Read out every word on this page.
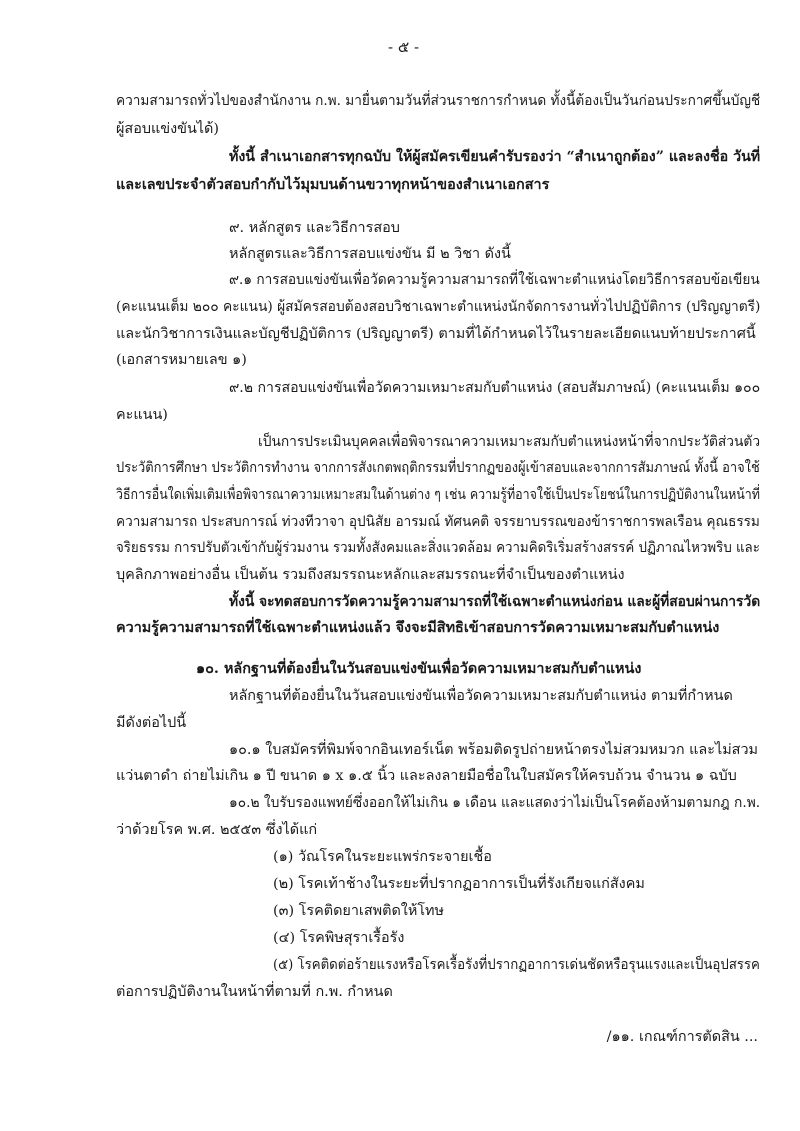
- ๕ -
ความสามารถทั่วไปของสำนักงาน ก.พ. มายื่นตามวันที่ส่วนราชการกำหนด ทั้งนี้ต้องเป็นวันก่อนประกาศขึ้นบัญชี
ผู้สอบแข่งขันได้)
ทั้งนี้ สำเนาเอกสารทุกฉบับ ให้ผู้สมัครเขียนคำรับรองว่า “สำเนาถูกต้อง” และลงชื่อ วันที่
และเลขประจำตัวสอบกำกับไว้มุมบนด้านขวาทุกหน้าของสำเนาเอกสาร
๙. หลักสูตร และวิธีการสอบ
หลักสูตรและวิธีการสอบแข่งขัน มี ๒ วิชา ดังนี้
๙.๑ การสอบแข่งขันเพื่อวัดความรู้ความสามารถที่ใช้เฉพาะตำแหน่งโดยวิธีการสอบข้อเขียน
(คะแนนเต็ม ๒๐๐ คะแนน) ผู้สมัครสอบต้องสอบวิชาเฉพาะตำแหน่งนักจัดการงานทั่วไปปฏิบัติการ (ปริญญาตรี)
และนักวิชาการเงินและบัญชีปฏิบัติการ (ปริญญาตรี) ตามที่ได้กำหนดไว้ในรายละเอียดแนบท้ายประกาศนี้
(เอกสารหมายเลข ๑)
๙.๒ การสอบแข่งขันเพื่อวัดความเหมาะสมกับตำแหน่ง (สอบสัมภาษณ์) (คะแนนเต็ม ๑๐๐
คะแนน)
เป็นการประเมินบุคคลเพื่อพิจารณาความเหมาะสมกับตำแหน่งหน้าที่จากประวัติส่วนตัว
ประวัติการศึกษา ประวัติการทำงาน จากการสังเกตพฤติกรรมที่ปรากฏของผู้เข้าสอบและจากการสัมภาษณ์ ทั้งนี้ อาจใช้
วิธีการอื่นใดเพิ่มเติมเพื่อพิจารณาความเหมาะสมในด้านต่าง ๆ เช่น ความรู้ที่อาจใช้เป็นประโยชน์ในการปฏิบัติงานในหน้าที่
ความสามารถ ประสบการณ์ ท่วงทีวาจา อุปนิสัย อารมณ์ ทัศนคติ จรรยาบรรณของข้าราชการพลเรือน คุณธรรม
จริยธรรม การปรับตัวเข้ากับผู้ร่วมงาน รวมทั้งสังคมและสิ่งแวดล้อม ความคิดริเริ่มสร้างสรรค์ ปฏิภาณไหวพริบ และ
บุคลิกภาพอย่างอื่น เป็นต้น รวมถึงสมรรถนะหลักและสมรรถนะที่จำเป็นของตำแหน่ง
ทั้งนี้ จะทดสอบการวัดความรู้ความสามารถที่ใช้เฉพาะตำแหน่งก่อน และผู้ที่สอบผ่านการวัด
ความรู้ความสามารถที่ใช้เฉพาะตำแหน่งแล้ว จึงจะมีสิทธิเข้าสอบการวัดความเหมาะสมกับตำแหน่ง
๑๐. หลักฐานที่ต้องยื่นในวันสอบแข่งขันเพื่อวัดความเหมาะสมกับตำแหน่ง
หลักฐานที่ต้องยื่นในวันสอบแข่งขันเพื่อวัดความเหมาะสมกับตำแหน่ง ตามที่กำหนด
มีดังต่อไปนี้
๑๐.๑ ใบสมัครที่พิมพ์จากอินเทอร์เน็ต พร้อมติดรูปถ่ายหน้าตรงไม่สวมหมวก และไม่สวม
แว่นตาดำ ถ่ายไม่เกิน ๑ ปี ขนาด ๑ x ๑.๕ นิ้ว และลงลายมือชื่อในใบสมัครให้ครบถ้วน จำนวน ๑ ฉบับ
๑๐.๒ ใบรับรองแพทย์ซึ่งออกให้ไม่เกิน ๑ เดือน และแสดงว่าไม่เป็นโรคต้องห้ามตามกฎ ก.พ.
ว่าด้วยโรค พ.ศ. ๒๕๕๓ ซึ่งได้แก่
(๑) วัณโรคในระยะแพร่กระจายเชื้อ
(๒) โรคเท้าช้างในระยะที่ปรากฏอาการเป็นที่รังเกียจแก่สังคม
(๓) โรคติดยาเสพติดให้โทษ
(๔) โรคพิษสุราเรื้อรัง
(๕) โรคติดต่อร้ายแรงหรือโรคเรื้อรังที่ปรากฏอาการเด่นชัดหรือรุนแรงและเป็นอุปสรรค
ต่อการปฏิบัติงานในหน้าที่ตามที่ ก.พ. กำหนด
/๑๑. เกณฑ์การตัดสิน ...
